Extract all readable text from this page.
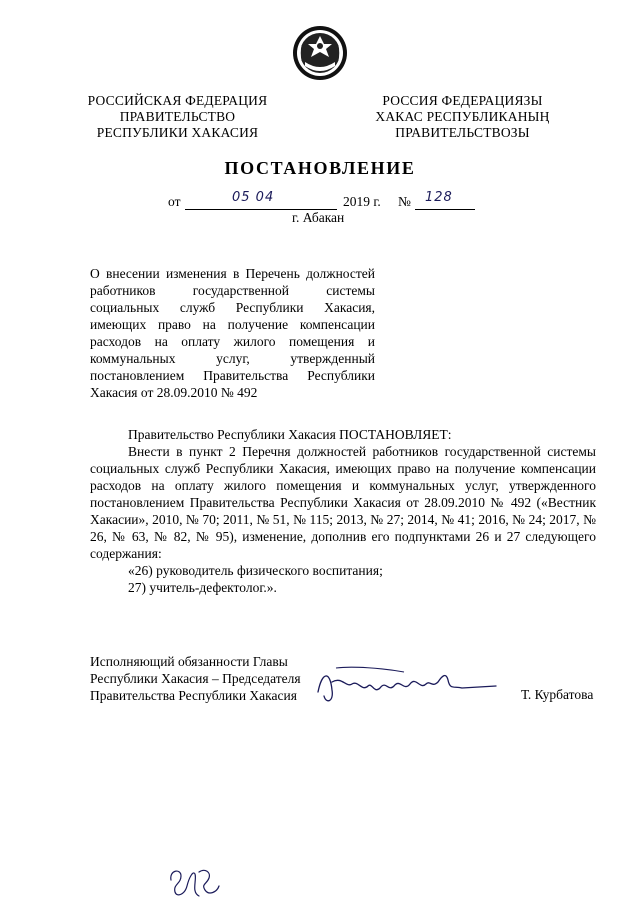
РОССИЙСКАЯ ФЕДЕРАЦИЯ
ПРАВИТЕЛЬСТВО
РЕСПУБЛИКИ ХАКАСИЯ
РОССИЯ ФЕДЕРАЦИЯЗЫ
ХАКАС РЕСПУБЛИКАНЫҢ
ПРАВИТЕЛЬСТВОЗЫ
ПОСТАНОВЛЕНИЕ
от	05 04	2019 г. № 128
г. Абакан
О внесении изменения в Перечень должностей работников государственной системы социальных служб Республики Хакасия, имеющих право на получение компенсации расходов на оплату жилого помещения и коммунальных услуг, утвержденный постановлением Правительства Республики Хакасия от 28.09.2010 № 492

Правительство Республики Хакасия ПОСТАНОВЛЯЕТ:

Внести в пункт 2 Перечня должностей работников государственной системы социальных служб Республики Хакасия, имеющих право на получение компенсации расходов на оплату жилого помещения и коммунальных услуг, утвержденного постановлением Правительства Республики Хакасия от 28.09.2010 № 492 («Вестник Хакасии», 2010, № 70; 2011, № 51, № 115; 2013, № 27; 2014, № 41; 2016, № 24; 2017, № 26, № 63, № 82, № 95), изменение, дополнив его подпунктами 26 и 27 следующего содержания:

«26) руководитель физического воспитания;

27) учитель-дефектолог.».

Исполняющий обязанности Главы
Республики Хакасия – Председателя
Правительства Республики Хакасия	Т. Курбатова
